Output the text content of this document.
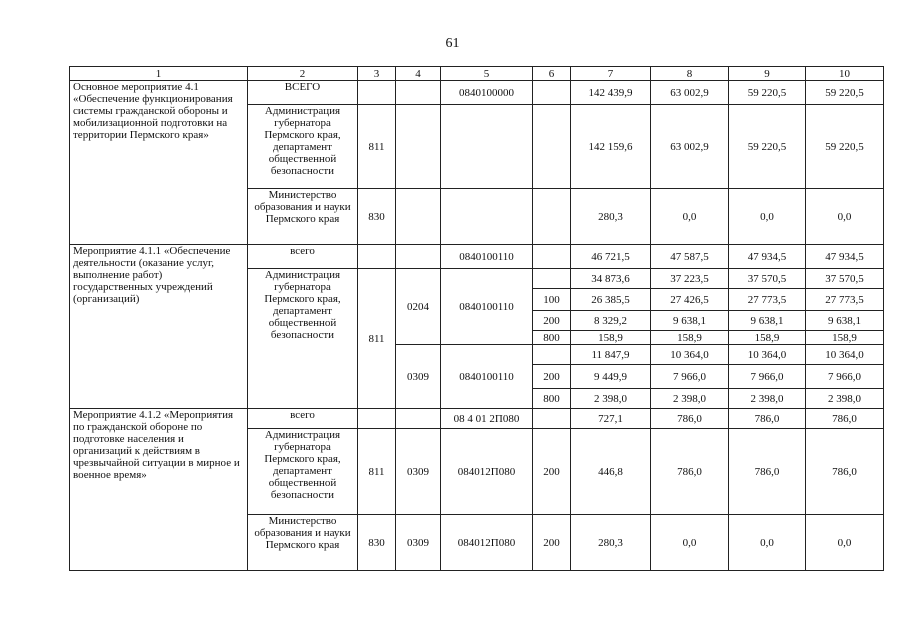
61
1	2	3	4	5	6	7	8	9	10
Основное мероприятие 4.1 «Обеспечение функционирования системы гражданской обороны и мобилизационной подготовки на территории Пермского края»	ВСЕГО			0840100000		142 439,9	63 002,9	59 220,5	59 220,5
	Администрация губернатора Пермского края, департамент общественной безопасности	811				142 159,6	63 002,9	59 220,5	59 220,5
	Министерство образования и науки Пермского края	830				280,3	0,0	0,0	0,0
Мероприятие 4.1.1 «Обеспечение деятельности (оказание услуг, выполнение работ) государственных учреждений (организаций)	всего			0840100110		46 721,5	47 587,5	47 934,5	47 934,5
	Администрация губернатора Пермского края, департамент общественной безопасности	811	0204	0840100110		34 873,6	37 223,5	37 570,5	37 570,5
					100	26 385,5	27 426,5	27 773,5	27 773,5
					200	8 329,2	9 638,1	9 638,1	9 638,1
					800	158,9	158,9	158,9	158,9
			0309	0840100110		11 847,9	10 364,0	10 364,0	10 364,0
					200	9 449,9	7 966,0	7 966,0	7 966,0
					800	2 398,0	2 398,0	2 398,0	2 398,0
Мероприятие 4.1.2 «Мероприятия по гражданской обороне по подготовке населения и организаций к действиям в чрезвычайной ситуации в мирное и военное время»	всего			08 4 01 2П080		727,1	786,0	786,0	786,0
	Администрация губернатора Пермского края, департамент общественной безопасности	811	0309	084012П080	200	446,8	786,0	786,0	786,0
	Министерство образования и науки Пермского края	830	0309	084012П080	200	280,3	0,0	0,0	0,0
